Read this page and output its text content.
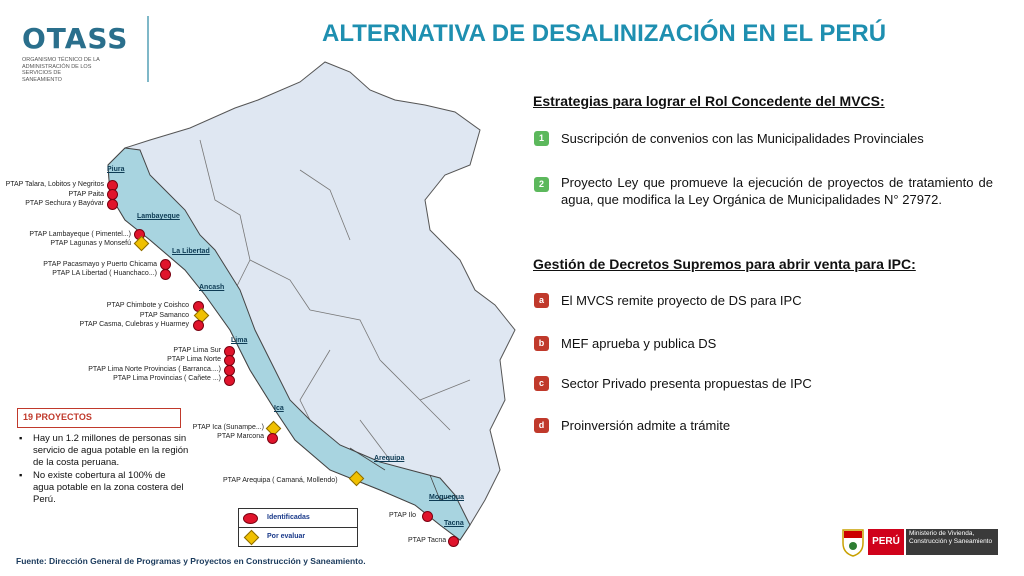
OTASS
ORGANISMO TÉCNICO DE LA ADMINISTRACIÓN DE LOS SERVICIOS DE SANEAMIENTO
ALTERNATIVA DE DESALINIZACIÓN EN EL PERÚ
Piura
Lambayeque
La Libertad
Ancash
Lima
Ica
Arequipa
Moquegua
Tacna
PTAP Talara, Lobitos y Negritos
PTAP Paita
PTAP Sechura y Bayóvar
PTAP Lambayeque ( Pimentel...)
PTAP Lagunas y Monsefú
PTAP Pacasmayo y Puerto Chicama
PTAP LA Libertad ( Huanchaco...)
PTAP Chimbote y Coishco
PTAP Samanco
PTAP Casma, Culebras y Huarmey
PTAP Lima Sur
PTAP Lima Norte
PTAP Lima Norte Provincias ( Barranca....)
PTAP Lima Provincias ( Cañete ...)
PTAP Ica (Sunampe...)
PTAP Marcona
PTAP Arequipa ( Camaná, Mollendo)
PTAP Ilo
PTAP Tacna
19 PROYECTOS
▪ Hay un 1.2 millones de personas sin servicio de agua potable en la región de la costa peruana.
▪ No existe cobertura al 100% de agua potable en la zona costera del Perú.
Identificadas
Por evaluar
Estrategias para lograr el Rol Concedente del MVCS:
1	Suscripción de convenios con las Municipalidades Provinciales
2	Proyecto Ley que promueve la ejecución de proyectos de tratamiento de agua, que modifica la Ley Orgánica de Municipalidades N° 27972.
Gestión de Decretos Supremos para abrir venta para IPC:
a	El MVCS remite proyecto de DS para IPC
b	MEF aprueba y publica DS
c	Sector Privado presenta propuestas de IPC
d	Proinversión admite a trámite
Fuente: Dirección General de Programas y Proyectos en Construcción y Saneamiento.
PERÚ
Ministerio de Vivienda, Construcción y Saneamiento
